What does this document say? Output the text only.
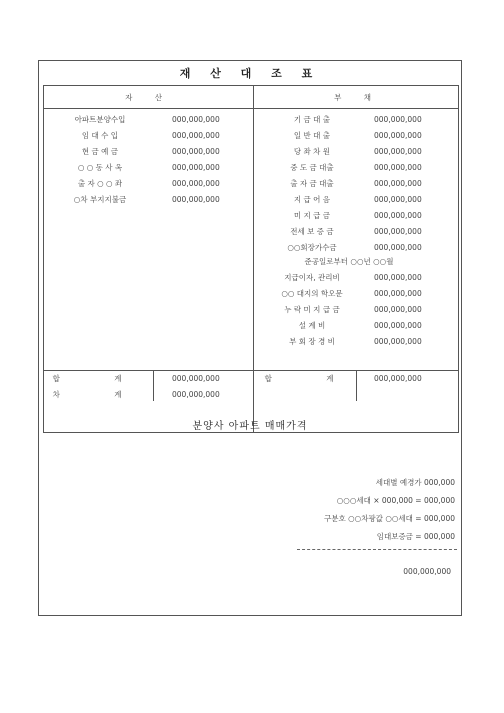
재 산 대 조 표
자 산	부 채
아파트분양수입	000,000,000
임 대 수 입	000,000,000
현 금 예 금	000,000,000
○ ○ 동 사 옥	000,000,000
출 자 ○ ○ 좌	000,000,000
○차 부지지불금	000,000,000
기 금 대 출	000,000,000
일 반 대 출	000,000,000
당 좌 차 원	000,000,000
중 도 금 대출	000,000,000
출 자 금 대출	000,000,000
지 급 어 음	000,000,000
미 지 급 금	000,000,000
전세 보 증 금	000,000,000
○○회장가수금	000,000,000
준공일로부터 ○○년 ○○월
지급이자, 관리비	000,000,000
○○ 대지의 학오문	000,000,000
누 락 미 지 급 금	000,000,000
설 계 비	000,000,000
부 회 장 경 비	000,000,000
합 계	000,000,000
차 계	000,000,000
합 계	000,000,000
분양사 아파트 매매가격
세대별 예경가 000,000
○○○세대 × 000,000 = 000,000
구분호 ○○차팡값 ○○세대 = 000,000
임대보증금 = 000,000
000,000,000
